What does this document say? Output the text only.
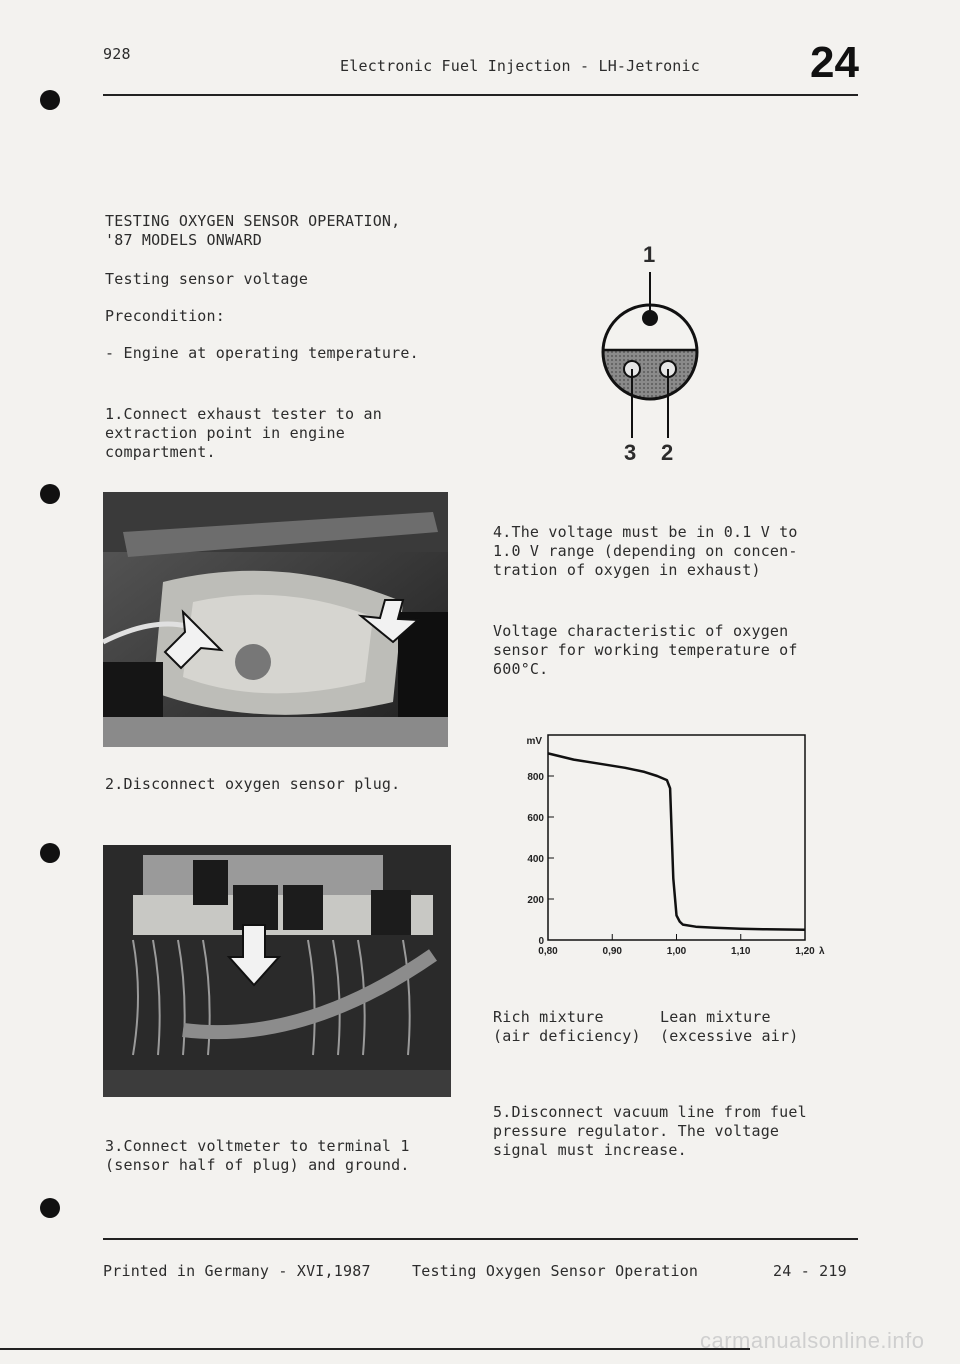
928
Electronic Fuel Injection - LH-Jetronic	24
TESTING OXYGEN SENSOR OPERATION,
'87 MODELS ONWARD
Testing sensor voltage
Precondition:
- Engine at operating temperature.
1.Connect exhaust tester to an
extraction point in engine
compartment.
2.Disconnect oxygen sensor plug.
3.Connect voltmeter to terminal 1
(sensor half of plug) and ground.
1
3 2
4.The voltage must be in 0.1 V to
1.0 V range (depending on concen-
tration of oxygen in exhaust)
Voltage characteristic of oxygen
sensor for working temperature of
600°C.
mV
800
600
400
200
0
0,80	0,90	1,00	1,10	1,20 λ
Rich mixture
(air deficiency)
Lean mixture
(excessive air)
5.Disconnect vacuum line from fuel
pressure regulator. The voltage
signal must increase.
Printed in Germany - XVI,1987	Testing Oxygen Sensor Operation	24 - 219
carmanualsonline.info
